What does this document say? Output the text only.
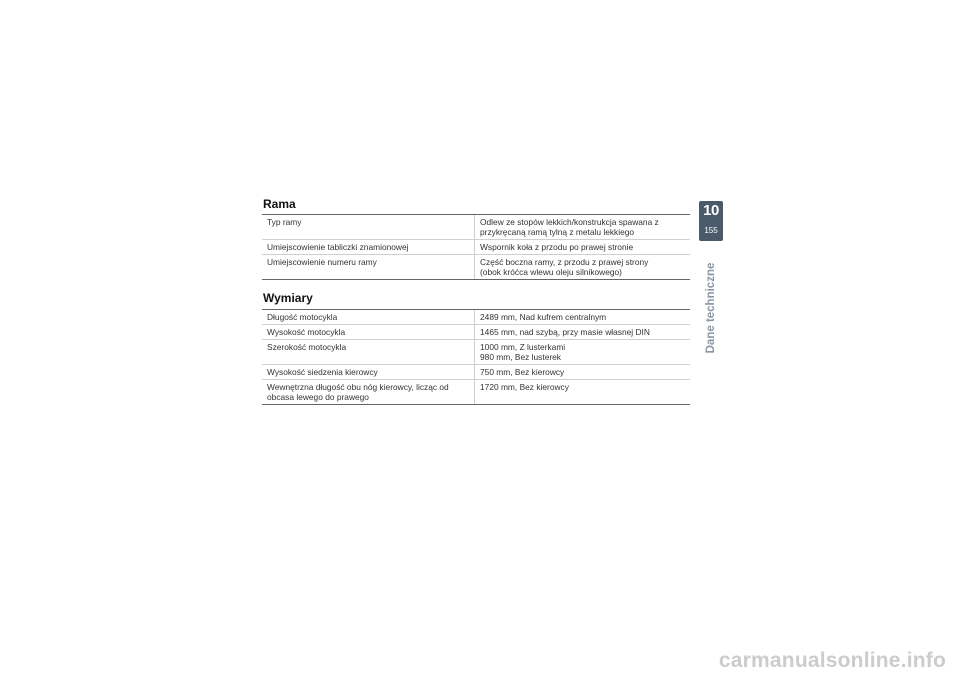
Rama
Typ ramy	Odlew ze stopów lekkich/konstrukcja spawana z
przykręcaną ramą tylną z metalu lekkiego
Umiejscowienie tabliczki znamionowej	Wspornik koła z przodu po prawej stronie
Umiejscowienie numeru ramy	Część boczna ramy, z przodu z prawej strony
(obok króćca wlewu oleju silnikowego)
Wymiary
Długość motocykla	2489 mm, Nad kufrem centralnym
Wysokość motocykla	1465 mm, nad szybą, przy masie własnej DIN
Szerokość motocykla	1000 mm, Z lusterkami
980 mm, Bez lusterek
Wysokość siedzenia kierowcy	750 mm, Bez kierowcy
Wewnętrzna długość obu nóg kierowcy, licząc od
obcasa lewego do prawego	1720 mm, Bez kierowcy
10
155
Dane techniczne
carmanualsonline.info
